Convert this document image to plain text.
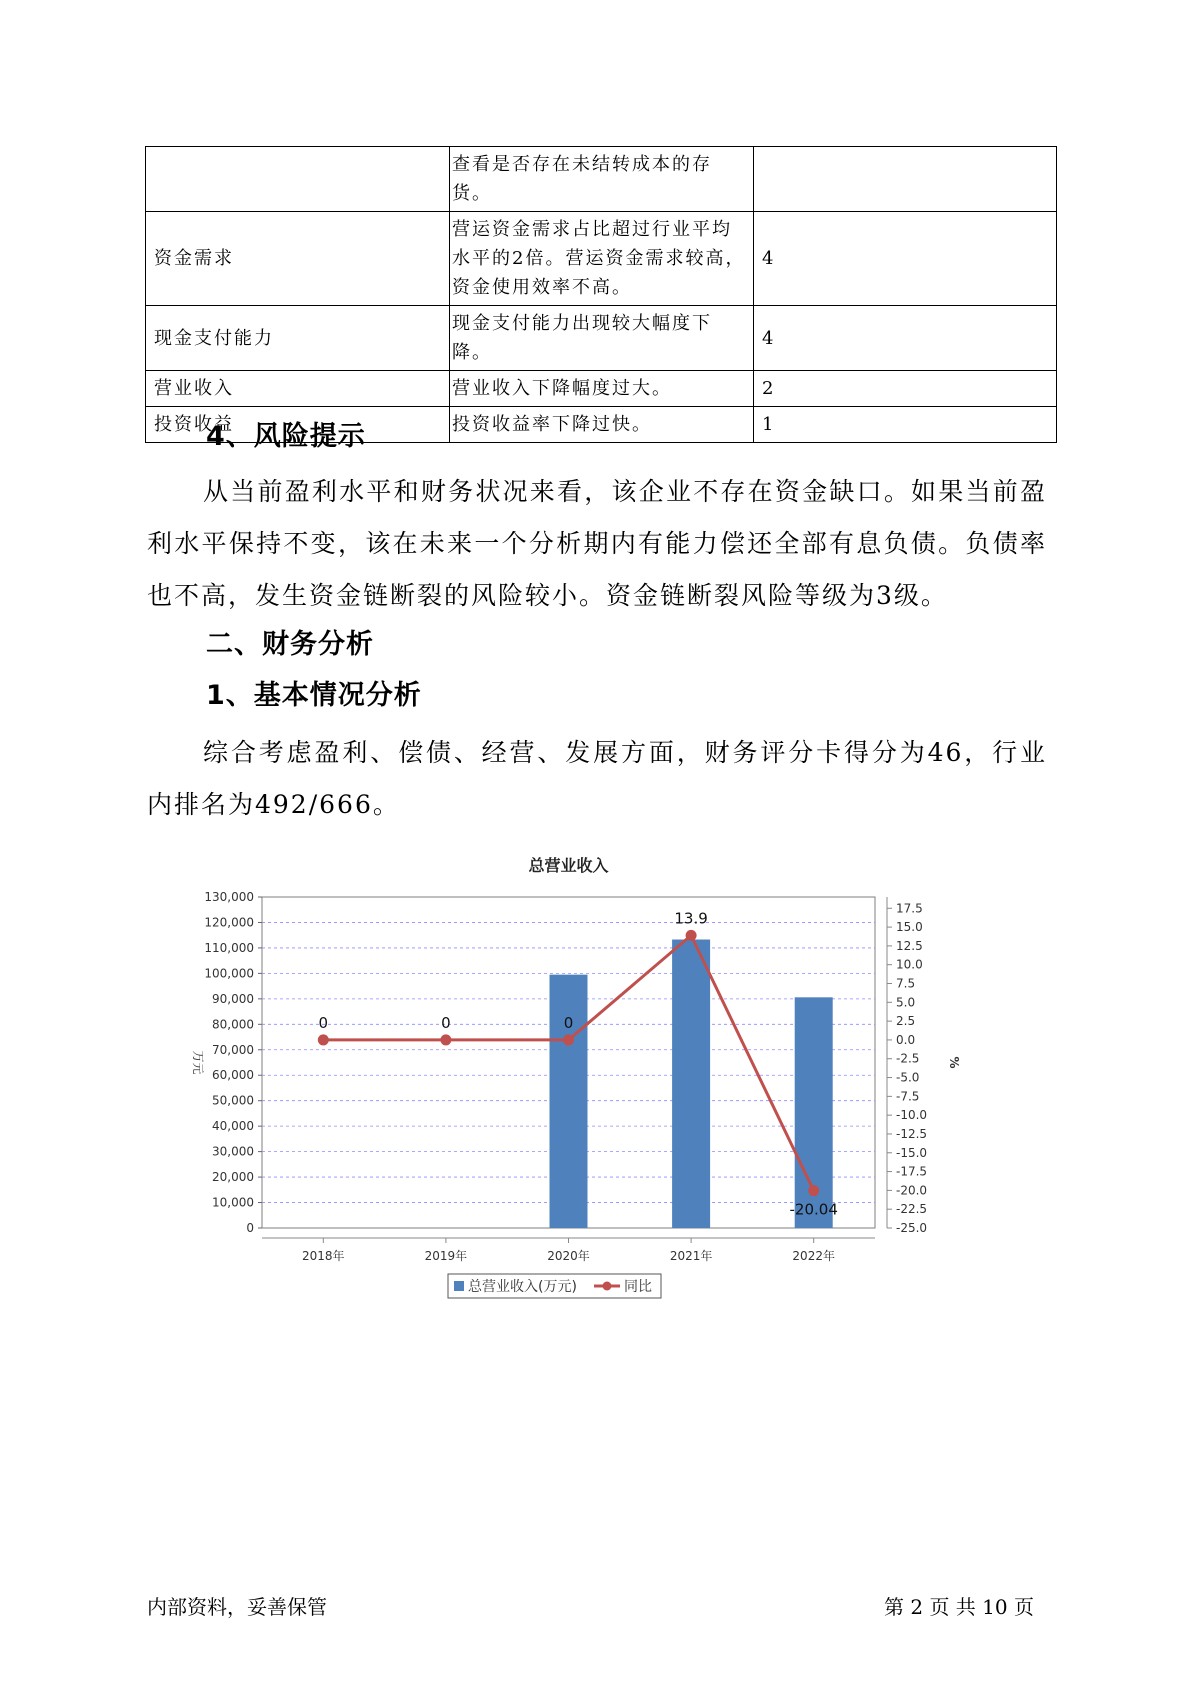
	查看是否存在未结转成本的存货。	
资金需求	营运资金需求占比超过行业平均水平的2倍。营运资金需求较高，资金使用效率不高。	4
现金支付能力	现金支付能力出现较大幅度下降。	4
营业收入	营业收入下降幅度过大。	2
投资收益	投资收益率下降过快。	1
4、风险提示

从当前盈利水平和财务状况来看，该企业不存在资金缺口。如果当前盈利水平保持不变，该在未来一个分析期内有能力偿还全部有息负债。负债率也不高，发生资金链断裂的风险较小。资金链断裂风险等级为3级。

二、财务分析
1、基本情况分析

综合考虑盈利、偿债、经营、发展方面，财务评分卡得分为46，行业内排名为492/666。

总营业收入
0
10,000
20,000
30,000
40,000
50,000
60,000
70,000
80,000
90,000
100,000
110,000
120,000
130,000
-25.0
-22.5
-20.0
-17.5
-15.0
-12.5
-10.0
-7.5
-5.0
-2.5
0.0
2.5
5.0
7.5
10.0
12.5
15.0
17.5
万元	%
2018年	2019年	2020年	2021年	2022年
0	0	0
13.9
-20.04
总营业收入(万元)	同比
内部资料，妥善保管	第 2 页 共 10 页
